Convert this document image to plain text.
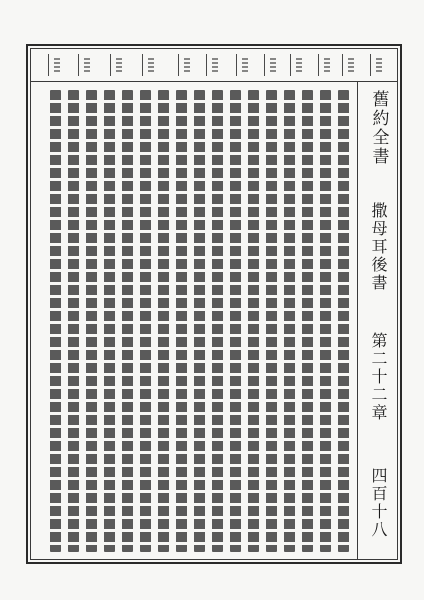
舊約全書
撒母耳後書
第二十二章
四百十八
